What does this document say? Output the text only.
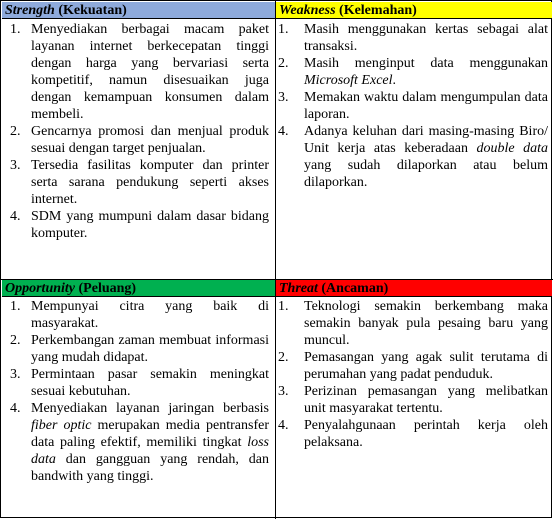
Strength (Kekuatan)
1. Menyediakan berbagai macam paket layanan internet berkecepatan tinggi dengan harga yang bervariasi serta kompetitif, namun disesuaikan juga dengan kemampuan konsumen dalam membeli.
2. Gencarnya promosi dan menjual produk sesuai dengan target penjualan.
3. Tersedia fasilitas komputer dan printer serta sarana pendukung seperti akses internet.
4. SDM yang mumpuni dalam dasar bidang komputer.
Weakness (Kelemahan)
1. Masih menggunakan kertas sebagai alat transaksi.
2. Masih menginput data menggunakan Microsoft Excel.
3. Memakan waktu dalam mengumpulan data laporan.
4. Adanya keluhan dari masing-masing Biro/ Unit kerja atas keberadaan double data yang sudah dilaporkan atau belum dilaporkan.
Opportunity (Peluang)
1. Mempunyai citra yang baik di masyarakat.
2. Perkembangan zaman membuat informasi yang mudah didapat.
3. Permintaan pasar semakin meningkat sesuai kebutuhan.
4. Menyediakan layanan jaringan berbasis fiber optic merupakan media pentransfer data paling efektif, memiliki tingkat loss data dan gangguan yang rendah, dan bandwith yang tinggi.
Threat (Ancaman)
1. Teknologi semakin berkembang maka semakin banyak pula pesaing baru yang muncul.
2. Pemasangan yang agak sulit terutama di perumahan yang padat penduduk.
3. Perizinan pemasangan yang melibatkan unit masyarakat tertentu.
4. Penyalahgunaan perintah kerja oleh pelaksana.
